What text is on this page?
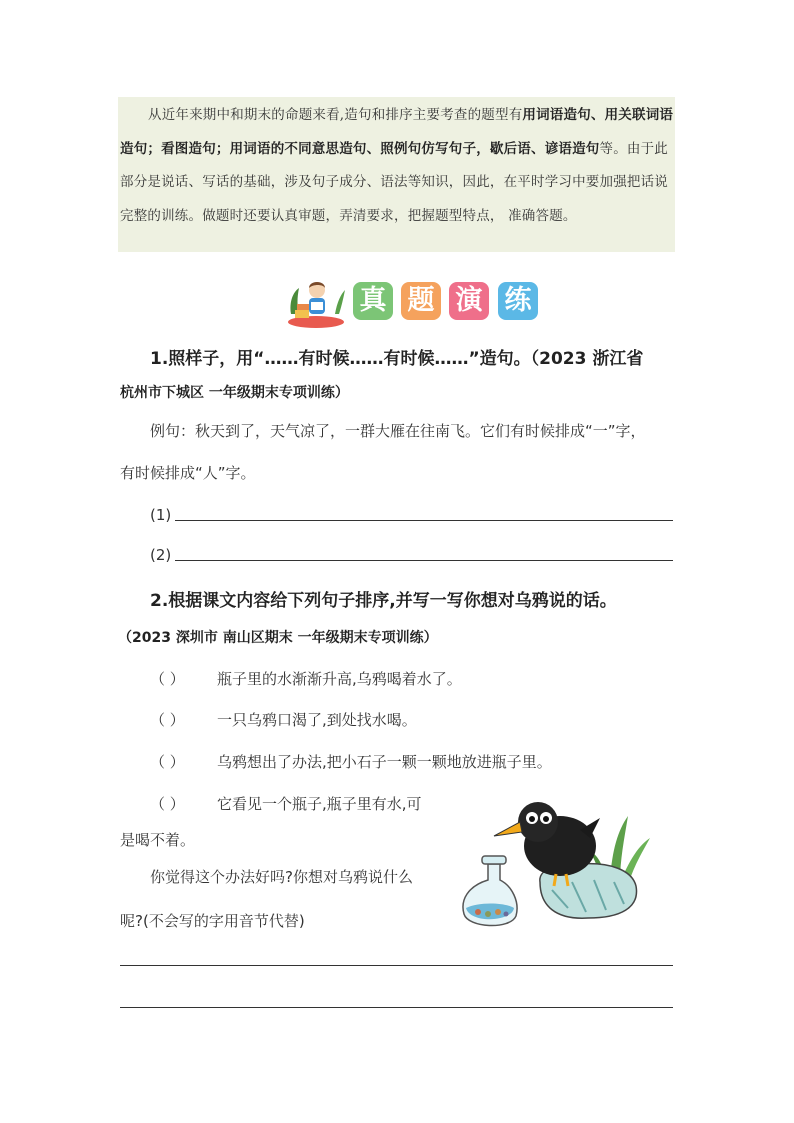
从近年来期中和期末的命题来看,造句和排序主要考查的题型有用词语造句、用关联词语造句；看图造句；用词语的不同意思造句、照例句仿写句子，歇后语、谚语造句等。由于此部分是说话、写话的基础，涉及句子成分、语法等知识，因此，在平时学习中要加强把话说完整的训练。做题时还要认真审题，弄清要求，把握题型特点， 准确答题。
真 题 演 练
1.照样子，用“……有时候……有时候……”造句。（2023 浙江省
杭州市下城区 一年级期末专项训练）
例句：秋天到了，天气凉了，一群大雁在往南飞。它们有时候排成“一”字，
有时候排成“人”字。
(1)
(2)
2.根据课文内容给下列句子排序,并写一写你想对乌鸦说的话。
（2023 深圳市 南山区期末 一年级期末专项训练）
（ ） 瓶子里的水渐渐升高,乌鸦喝着水了。
（ ） 一只乌鸦口渴了,到处找水喝。
（ ） 乌鸦想出了办法,把小石子一颗一颗地放进瓶子里。
（ ） 它看见一个瓶子,瓶子里有水,可
是喝不着。
你觉得这个办法好吗?你想对乌鸦说什么
呢?(不会写的字用音节代替)
